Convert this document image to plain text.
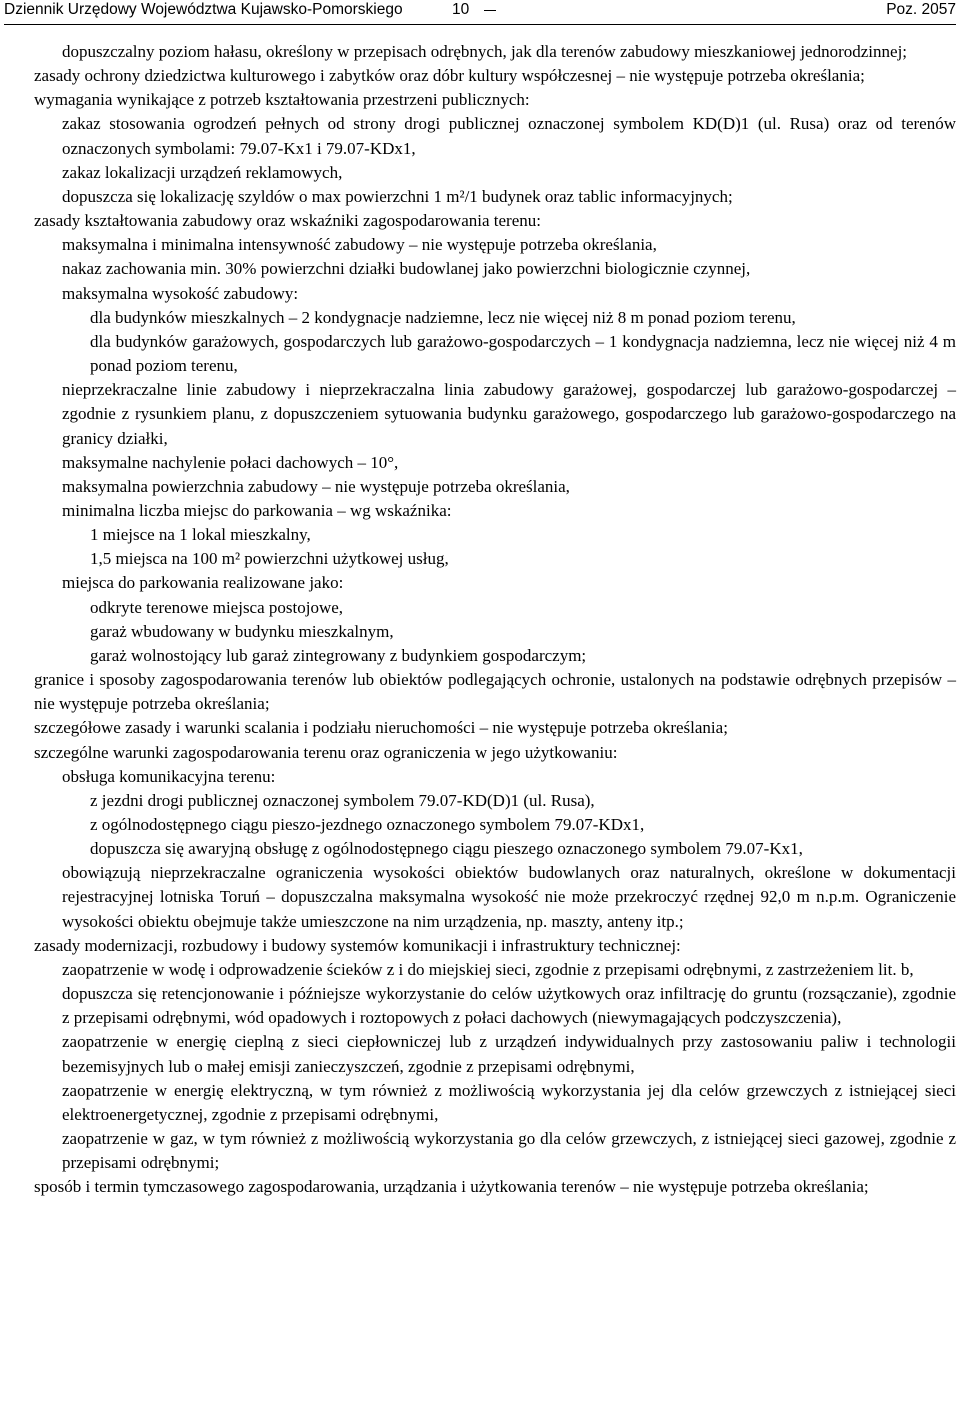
Dziennik Urzędowy Województwa Kujawsko-Pomorskiego	10	Poz. 2057
dopuszczalny poziom hałasu, określony w przepisach odrębnych, jak dla terenów zabudowy mieszkaniowej jednorodzinnej;
zasady ochrony dziedzictwa kulturowego i zabytków oraz dóbr kultury współczesnej – nie występuje potrzeba określania;
wymagania wynikające z potrzeb kształtowania przestrzeni publicznych:
zakaz stosowania ogrodzeń pełnych od strony drogi publicznej oznaczonej symbolem KD(D)1 (ul. Rusa) oraz od terenów oznaczonych symbolami: 79.07-Kx1 i 79.07-KDx1,
zakaz lokalizacji urządzeń reklamowych,
dopuszcza się lokalizację szyldów o max powierzchni 1 m²/1 budynek oraz tablic informacyjnych;
zasady kształtowania zabudowy oraz wskaźniki zagospodarowania terenu:
maksymalna i minimalna intensywność zabudowy – nie występuje potrzeba określania,
nakaz zachowania min. 30% powierzchni działki budowlanej jako powierzchni biologicznie czynnej,
maksymalna wysokość zabudowy:
dla budynków mieszkalnych – 2 kondygnacje nadziemne, lecz nie więcej niż 8 m ponad poziom terenu,
dla budynków garażowych, gospodarczych lub garażowo-gospodarczych – 1 kondygnacja nadziemna, lecz nie więcej niż 4 m ponad poziom terenu,
nieprzekraczalne linie zabudowy i nieprzekraczalna linia zabudowy garażowej, gospodarczej lub garażowo-gospodarczej – zgodnie z rysunkiem planu, z dopuszczeniem sytuowania budynku garażowego, gospodarczego lub garażowo-gospodarczego na granicy działki,
maksymalne nachylenie połaci dachowych – 10°,
maksymalna powierzchnia zabudowy – nie występuje potrzeba określania,
minimalna liczba miejsc do parkowania – wg wskaźnika:
1 miejsce na 1 lokal mieszkalny,
1,5 miejsca na 100 m² powierzchni użytkowej usług,
miejsca do parkowania realizowane jako:
odkryte terenowe miejsca postojowe,
garaż wbudowany w budynku mieszkalnym,
garaż wolnostojący lub garaż zintegrowany z budynkiem gospodarczym;
granice i sposoby zagospodarowania terenów lub obiektów podlegających ochronie, ustalonych na podstawie odrębnych przepisów – nie występuje potrzeba określania;
szczegółowe zasady i warunki scalania i podziału nieruchomości – nie występuje potrzeba określania;
szczególne warunki zagospodarowania terenu oraz ograniczenia w jego użytkowaniu:
obsługa komunikacyjna terenu:
z jezdni drogi publicznej oznaczonej symbolem 79.07-KD(D)1 (ul. Rusa),
z ogólnodostępnego ciągu pieszo-jezdnego oznaczonego symbolem 79.07-KDx1,
dopuszcza się awaryjną obsługę z ogólnodostępnego ciągu pieszego oznaczonego symbolem 79.07-Kx1,
obowiązują nieprzekraczalne ograniczenia wysokości obiektów budowlanych oraz naturalnych, określone w dokumentacji rejestracyjnej lotniska Toruń – dopuszczalna maksymalna wysokość nie może przekroczyć rzędnej 92,0 m n.p.m. Ograniczenie wysokości obiektu obejmuje także umieszczone na nim urządzenia, np. maszty, anteny itp.;
zasady modernizacji, rozbudowy i budowy systemów komunikacji i infrastruktury technicznej:
zaopatrzenie w wodę i odprowadzenie ścieków z i do miejskiej sieci, zgodnie z przepisami odrębnymi, z zastrzeżeniem lit. b,
dopuszcza się retencjonowanie i późniejsze wykorzystanie do celów użytkowych oraz infiltrację do gruntu (rozsączanie), zgodnie z przepisami odrębnymi, wód opadowych i roztopowych z połaci dachowych (niewymagających podczyszczenia),
zaopatrzenie w energię cieplną z sieci ciepłowniczej lub z urządzeń indywidualnych przy zastosowaniu paliw i technologii bezemisyjnych lub o małej emisji zanieczyszczeń, zgodnie z przepisami odrębnymi,
zaopatrzenie w energię elektryczną, w tym również z możliwością wykorzystania jej dla celów grzewczych z istniejącej sieci elektroenergetycznej, zgodnie z przepisami odrębnymi,
zaopatrzenie w gaz, w tym również z możliwością wykorzystania go dla celów grzewczych, z istniejącej sieci gazowej, zgodnie z przepisami odrębnymi;
sposób i termin tymczasowego zagospodarowania, urządzania i użytkowania terenów – nie występuje potrzeba określania;
